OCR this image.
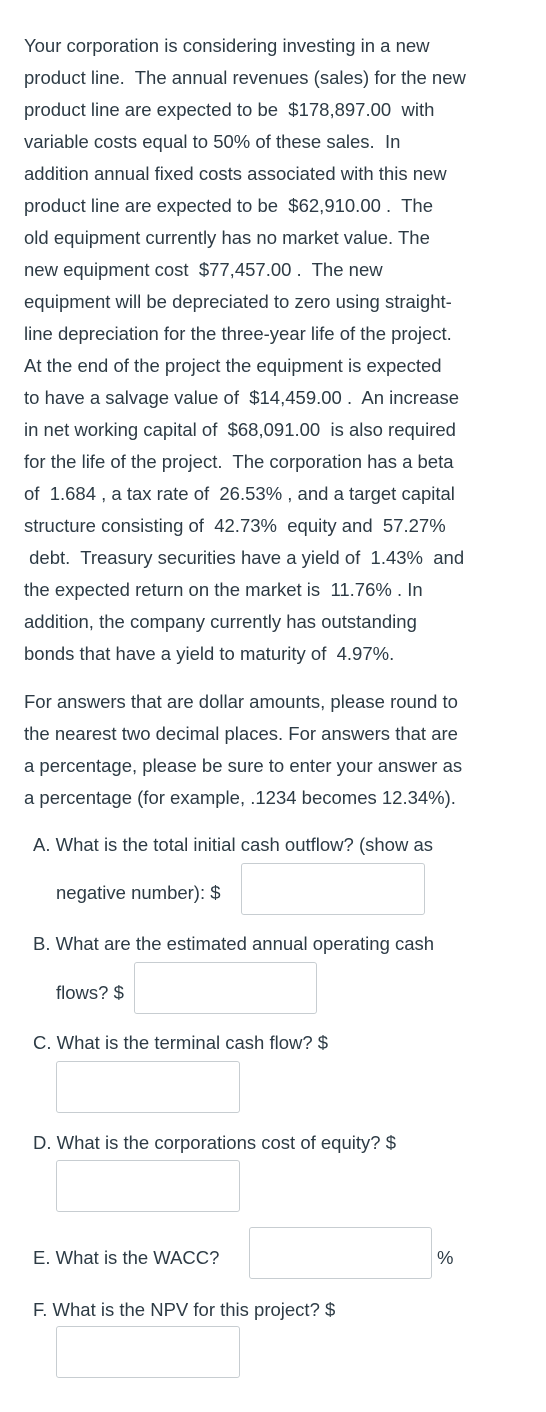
Your corporation is considering investing in a new
product line.  The annual revenues (sales) for the new
product line are expected to be  $178,897.00  with
variable costs equal to 50% of these sales.  In
addition annual fixed costs associated with this new
product line are expected to be  $62,910.00 .  The
old equipment currently has no market value. The
new equipment cost  $77,457.00 .  The new
equipment will be depreciated to zero using straight-
line depreciation for the three-year life of the project.
At the end of the project the equipment is expected
to have a salvage value of  $14,459.00 .  An increase
in net working capital of  $68,091.00  is also required
for the life of the project.  The corporation has a beta
of  1.684 , a tax rate of  26.53% , and a target capital
structure consisting of  42.73%  equity and  57.27%
debt.  Treasury securities have a yield of  1.43%  and
the expected return on the market is  11.76% . In
addition, the company currently has outstanding
bonds that have a yield to maturity of  4.97%.

For answers that are dollar amounts, please round to
the nearest two decimal places. For answers that are
a percentage, please be sure to enter your answer as
a percentage (for example, .1234 becomes 12.34%).

A. What is the total initial cash outflow? (show as
negative number): $
B. What are the estimated annual operating cash
flows? $
C. What is the terminal cash flow? $
D. What is the corporations cost of equity? $
E. What is the WACC?	%
F. What is the NPV for this project? $
